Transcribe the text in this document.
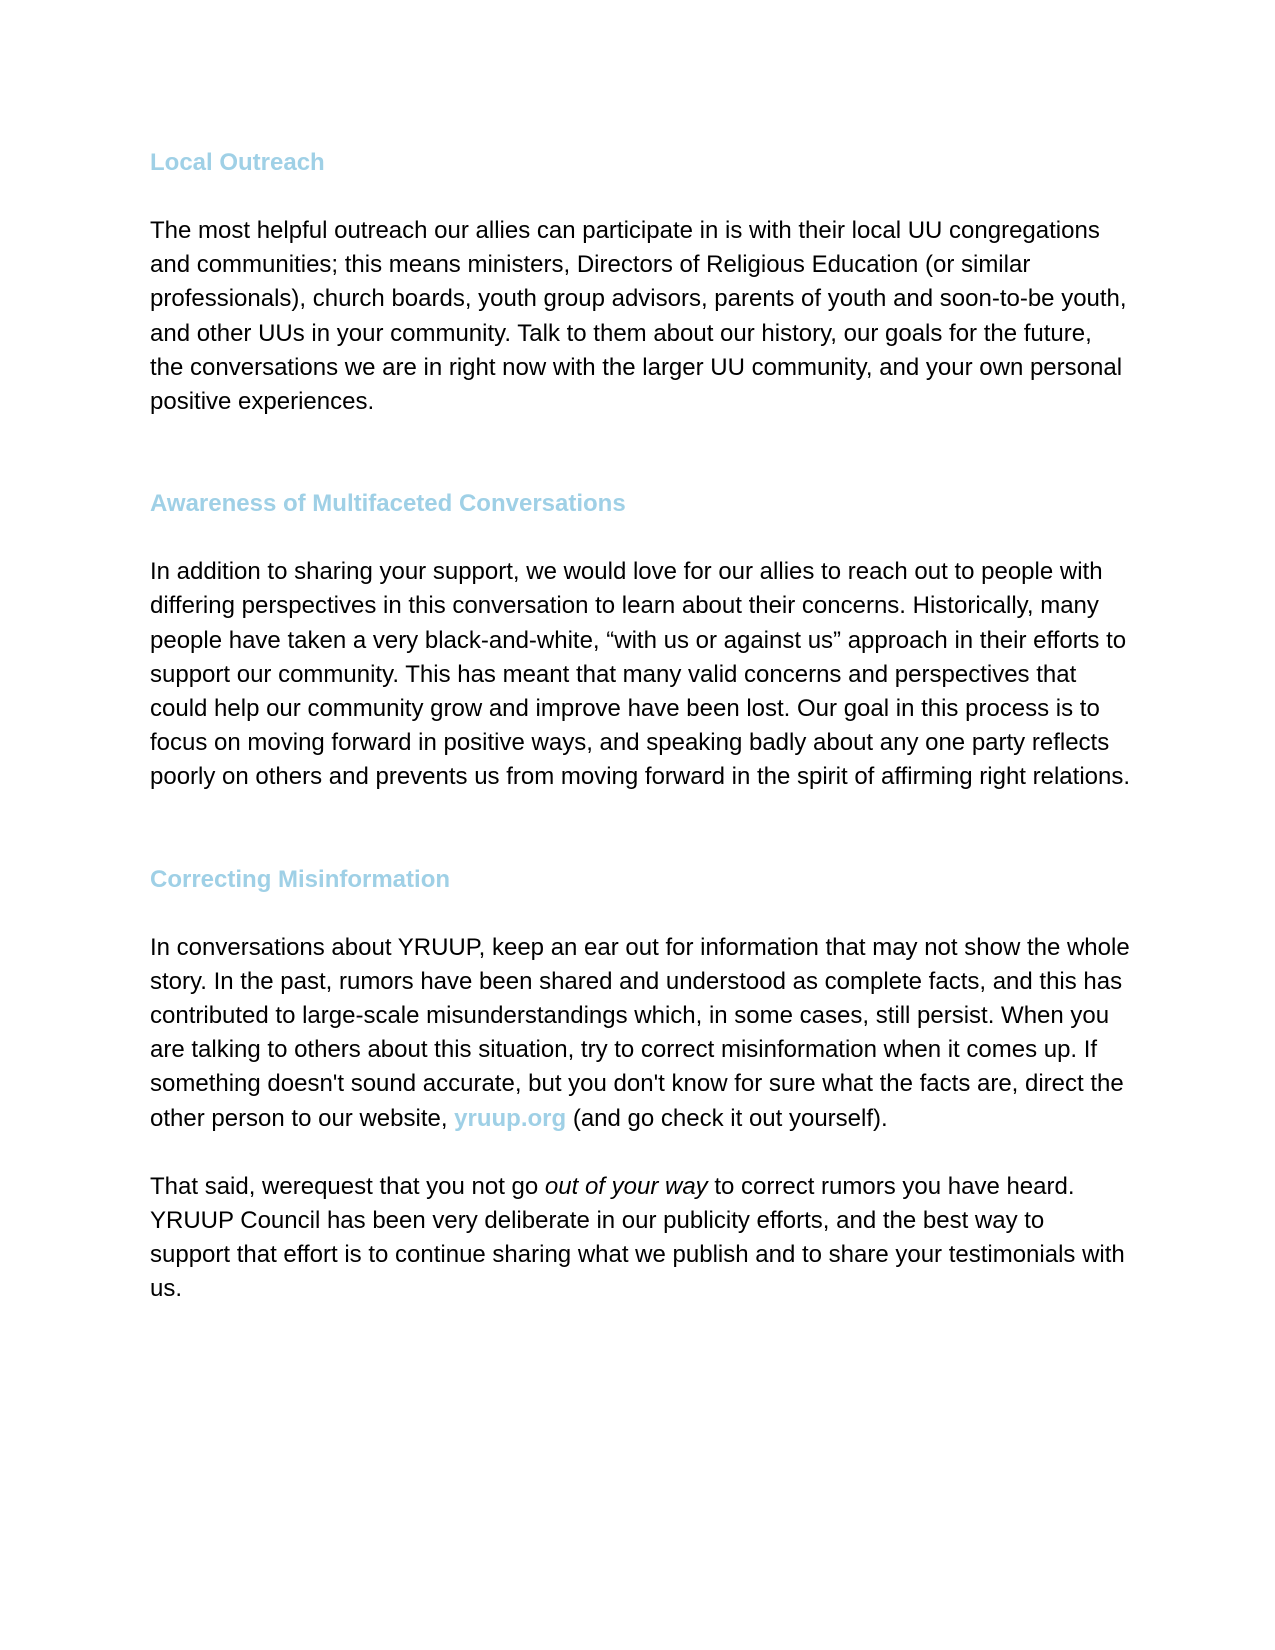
Local Outreach

The most helpful outreach our allies can participate in is with their local UU congregations and communities; this means ministers, Directors of Religious Education (or similar professionals), church boards, youth group advisors, parents of youth and soon-to-be youth, and other UUs in your community. Talk to them about our history, our goals for the future, the conversations we are in right now with the larger UU community, and your own personal positive experiences.

Awareness of Multifaceted Conversations

In addition to sharing your support, we would love for our allies to reach out to people with differing perspectives in this conversation to learn about their concerns. Historically, many people have taken a very black-and-white, “with us or against us” approach in their efforts to support our community. This has meant that many valid concerns and perspectives that could help our community grow and improve have been lost. Our goal in this process is to focus on moving forward in positive ways, and speaking badly about any one party reflects poorly on others and prevents us from moving forward in the spirit of affirming right relations.

Correcting Misinformation

In conversations about YRUUP, keep an ear out for information that may not show the whole story. In the past, rumors have been shared and understood as complete facts, and this has contributed to large-scale misunderstandings which, in some cases, still persist. When you are talking to others about this situation, try to correct misinformation when it comes up. If something doesn't sound accurate, but you don't know for sure what the facts are, direct the other person to our website, yruup.org (and go check it out yourself).

That said, werequest that you not go out of your way to correct rumors you have heard. YRUUP Council has been very deliberate in our publicity efforts, and the best way to support that effort is to continue sharing what we publish and to share your testimonials with us.
